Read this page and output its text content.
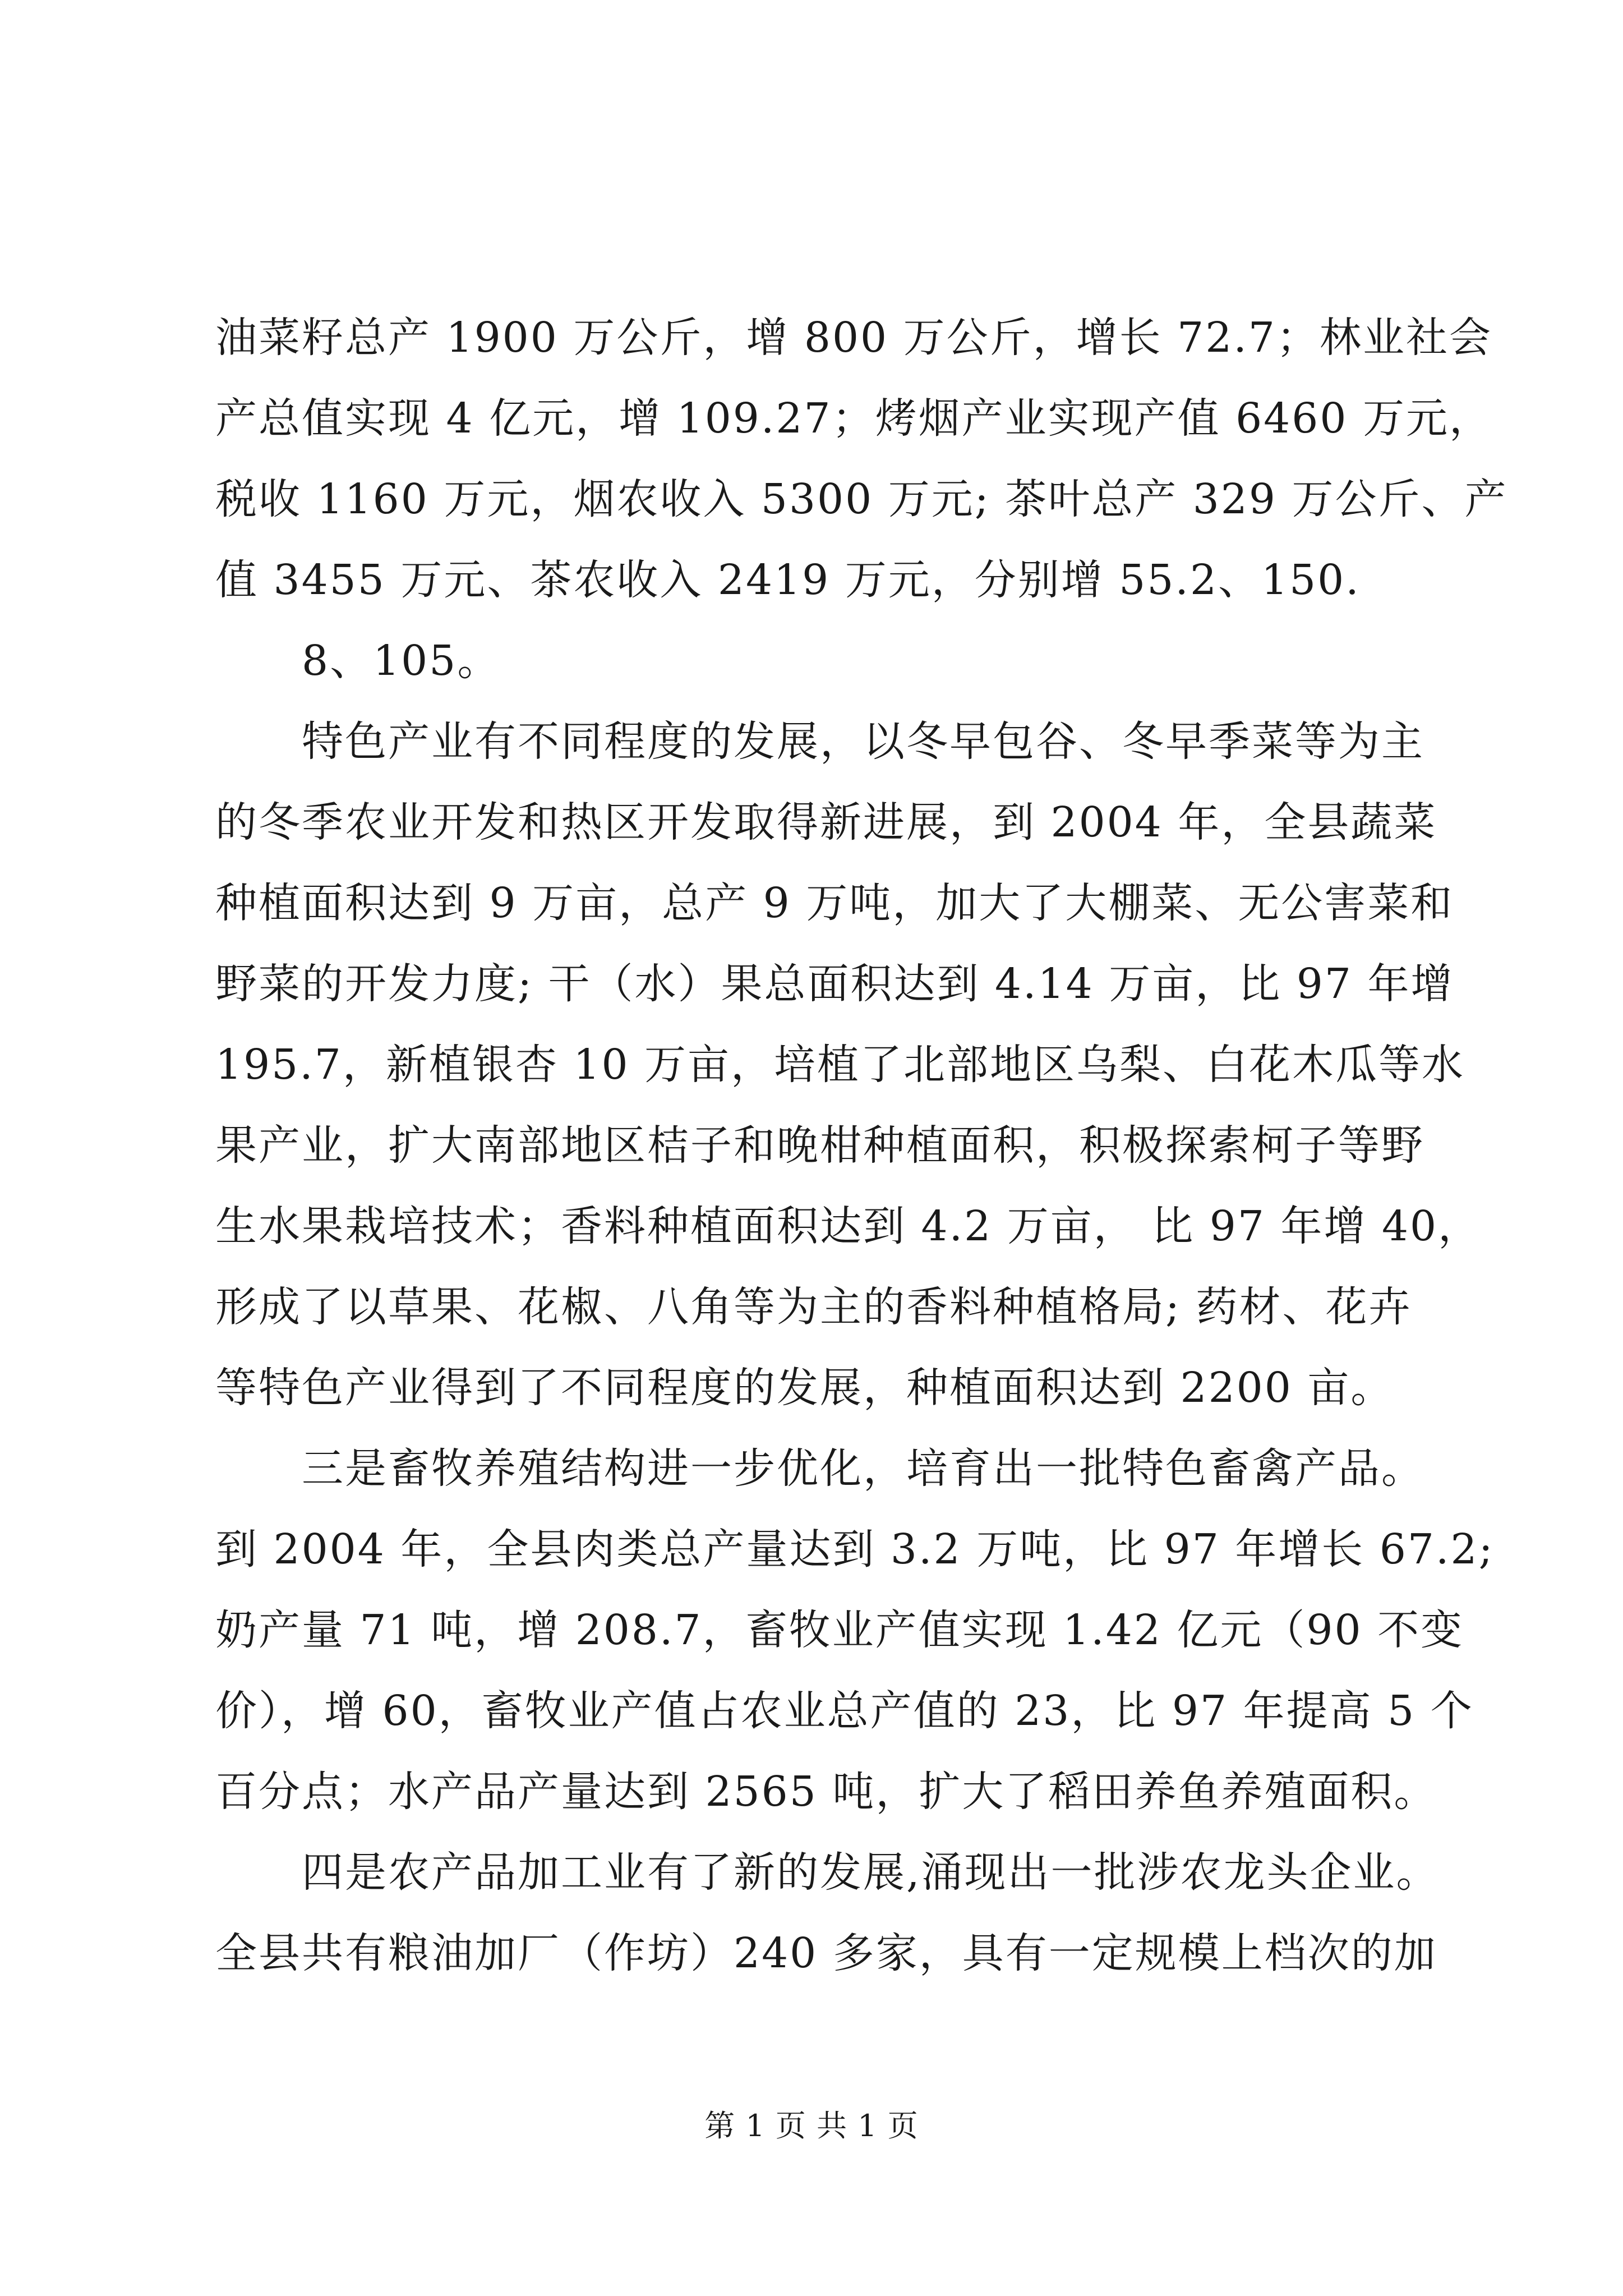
油菜籽总产 1900 万公斤，增 800 万公斤，增长 72.7；林业社会
产总值实现 4 亿元，增 109.27；烤烟产业实现产值 6460 万元，
税收 1160 万元，烟农收入 5300 万元; 茶叶总产 329 万公斤、产
值 3455 万元、茶农收入 2419 万元，分别增 55.2、150.

8、105。

特色产业有不同程度的发展，以冬早包谷、冬早季菜等为主
的冬季农业开发和热区开发取得新进展，到 2004 年，全县蔬菜
种植面积达到 9 万亩，总产 9 万吨，加大了大棚菜、无公害菜和
野菜的开发力度; 干（水）果总面积达到 4.14 万亩，比 97 年增
195.7，新植银杏 10 万亩，培植了北部地区乌梨、白花木瓜等水
果产业，扩大南部地区桔子和晚柑种植面积，积极探索柯子等野
生水果栽培技术；香料种植面积达到 4.2 万亩， 比 97 年增 40，
形成了以草果、花椒、八角等为主的香料种植格局; 药材、花卉
等特色产业得到了不同程度的发展，种植面积达到 2200 亩。

三是畜牧养殖结构进一步优化，培育出一批特色畜禽产品。
到 2004 年，全县肉类总产量达到 3.2 万吨，比 97 年增长 67.2;
奶产量 71 吨，增 208.7，畜牧业产值实现 1.42 亿元（90 不变
价），增 60，畜牧业产值占农业总产值的 23，比 97 年提高 5 个
百分点；水产品产量达到 2565 吨，扩大了稻田养鱼养殖面积。

四是农产品加工业有了新的发展,涌现出一批涉农龙头企业。
全县共有粮油加厂（作坊）240 多家，具有一定规模上档次的加

第 1 页 共 1 页
